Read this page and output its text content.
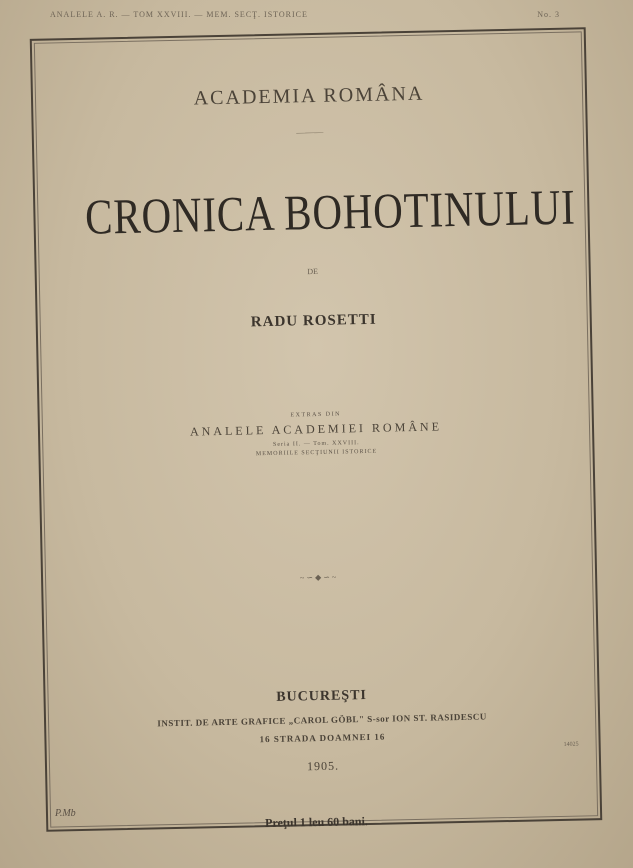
ANALELE A. R. — TOM XXVIII. — MEM. SECŢ. ISTORICE	No. 3
ACADEMIA ROMÂNA
———
CRONICA BOHOTINULUI
DE
RADU ROSETTI
EXTRAS DIN
ANALELE ACADEMIEI ROMÂNE
Seria II. — Tom. XXVIII.
MEMORIILE SECŢIUNII ISTORICE
~∽◆∽~
BUCUREŞTI
INSTIT. DE ARTE GRAFICE „CAROL GÖBL" S-sor ION ST. RASIDESCU
16 STRADA DOAMNEI 16
1905.
14025
P.Mb
Preţul 1 leu 60 bani.
